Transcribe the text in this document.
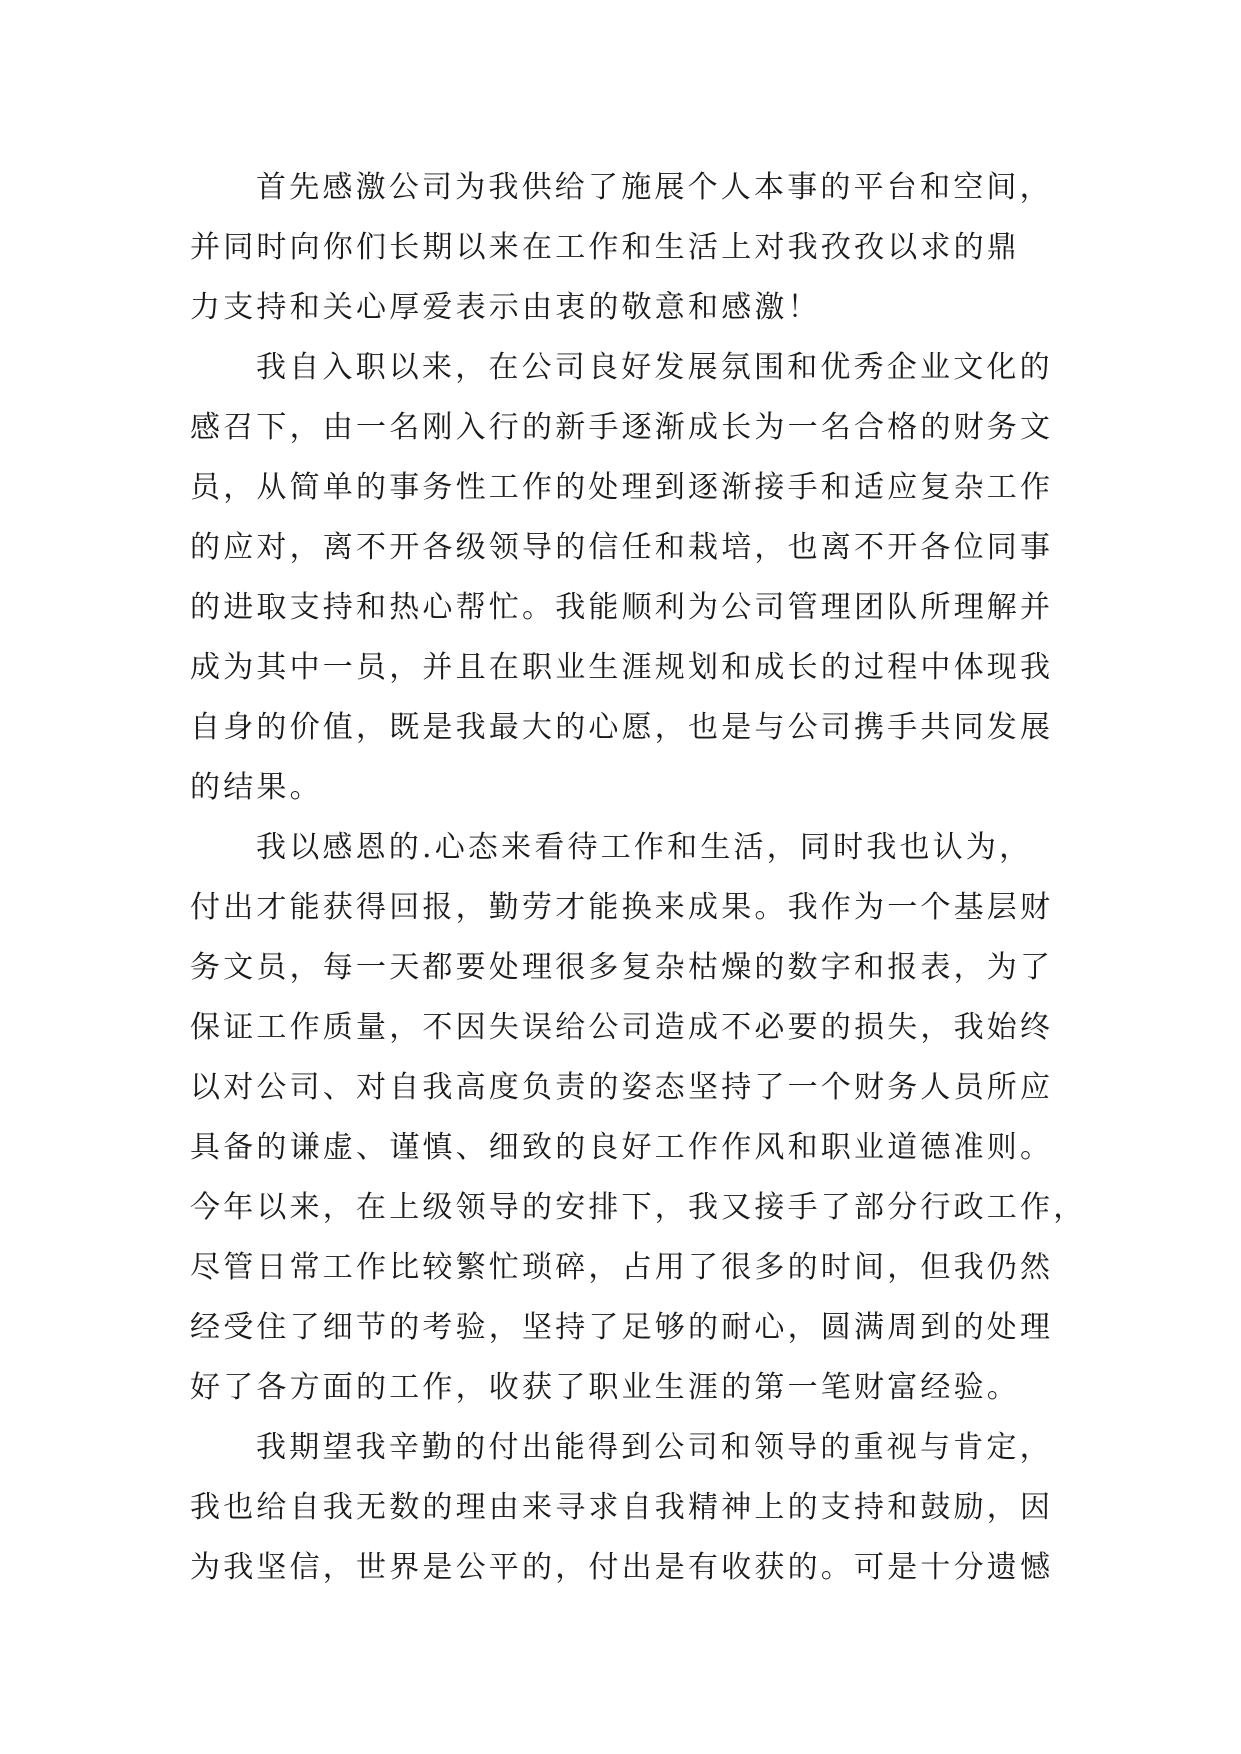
首先感激公司为我供给了施展个人本事的平台和空间，
并同时向你们长期以来在工作和生活上对我孜孜以求的鼎
力支持和关心厚爱表示由衷的敬意和感激！
我自入职以来，在公司良好发展氛围和优秀企业文化的
感召下，由一名刚入行的新手逐渐成长为一名合格的财务文
员，从简单的事务性工作的处理到逐渐接手和适应复杂工作
的应对，离不开各级领导的信任和栽培，也离不开各位同事
的进取支持和热心帮忙。我能顺利为公司管理团队所理解并
成为其中一员，并且在职业生涯规划和成长的过程中体现我
自身的价值，既是我最大的心愿，也是与公司携手共同发展
的结果。
我以感恩的.心态来看待工作和生活，同时我也认为，
付出才能获得回报，勤劳才能换来成果。我作为一个基层财
务文员，每一天都要处理很多复杂枯燥的数字和报表，为了
保证工作质量，不因失误给公司造成不必要的损失，我始终
以对公司、对自我高度负责的姿态坚持了一个财务人员所应
具备的谦虚、谨慎、细致的良好工作作风和职业道德准则。
今年以来，在上级领导的安排下，我又接手了部分行政工作，
尽管日常工作比较繁忙琐碎，占用了很多的时间，但我仍然
经受住了细节的考验，坚持了足够的耐心，圆满周到的处理
好了各方面的工作，收获了职业生涯的第一笔财富经验。
我期望我辛勤的付出能得到公司和领导的重视与肯定，
我也给自我无数的理由来寻求自我精神上的支持和鼓励，因
为我坚信，世界是公平的，付出是有收获的。可是十分遗憾
